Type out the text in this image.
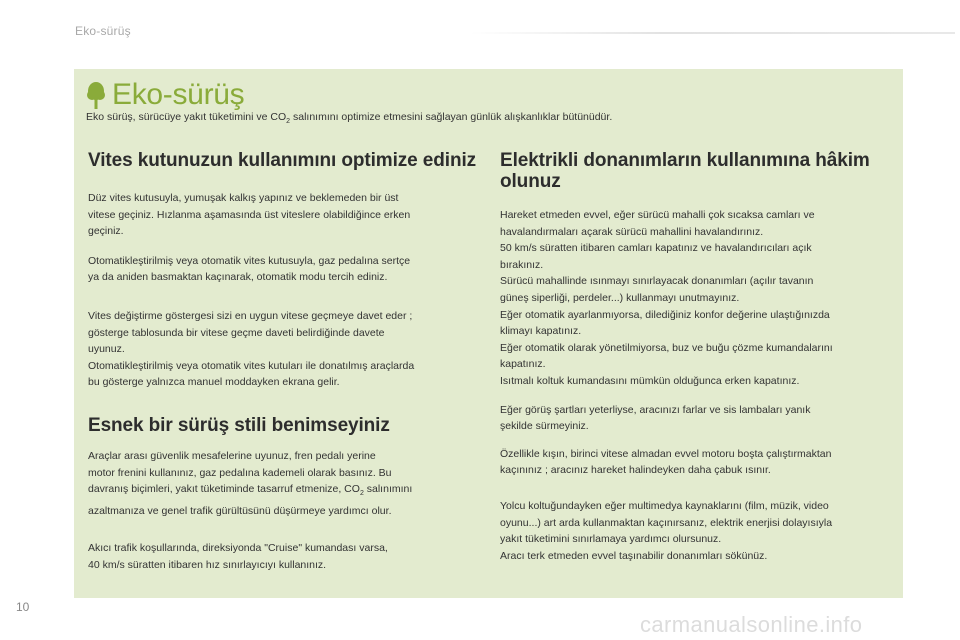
Eko-sürüş
Eko-sürüş
Eko sürüş, sürücüye yakıt tüketimini ve $CO_2$ salınımını optimize etmesini sağlayan günlük alışkanlıklar bütünüdür.
Vites kutunuzun kullanımını optimize ediniz

Düz vites kutusuyla, yumuşak kalkış yapınız ve beklemeden bir üst
vitese geçiniz. Hızlanma aşamasında üst viteslere olabildiğince erken
geçiniz.

Otomatikleştirilmiş veya otomatik vites kutusuyla, gaz pedalına sertçe
ya da aniden basmaktan kaçınarak, otomatik modu tercih ediniz.

Vites değiştirme göstergesi sizi en uygun vitese geçmeye davet eder ;
gösterge tablosunda bir vitese geçme daveti belirdiğinde davete
uyunuz.
Otomatikleştirilmiş veya otomatik vites kutuları ile donatılmış araçlarda
bu gösterge yalnızca manuel moddayken ekrana gelir.

Esnek bir sürüş stili benimseyiniz

Araçlar arası güvenlik mesafelerine uyunuz, fren pedalı yerine
motor frenini kullanınız, gaz pedalına kademeli olarak basınız. Bu
davranış biçimleri, yakıt tüketiminde tasarruf etmenize, $CO_2$ salınımını
azaltmanıza ve genel trafik gürültüsünü düşürmeye yardımcı olur.

Akıcı trafik koşullarında, direksiyonda "Cruise" kumandası varsa,
40 km/s süratten itibaren hız sınırlayıcıyı kullanınız.

Elektrikli donanımların kullanımına hâkim olunuz

Hareket etmeden evvel, eğer sürücü mahalli çok sıcaksa camları ve
havalandırmaları açarak sürücü mahallini havalandırınız.
50 km/s süratten itibaren camları kapatınız ve havalandırıcıları açık
bırakınız.
Sürücü mahallinde ısınmayı sınırlayacak donanımları (açılır tavanın
güneş siperliği, perdeler...) kullanmayı unutmayınız.
Eğer otomatik ayarlanmıyorsa, dilediğiniz konfor değerine ulaştığınızda
klimayı kapatınız.
Eğer otomatik olarak yönetilmiyorsa, buz ve buğu çözme kumandalarını
kapatınız.
Isıtmalı koltuk kumandasını mümkün olduğunca erken kapatınız.

Eğer görüş şartları yeterliyse, aracınızı farlar ve sis lambaları yanık
şekilde sürmeyiniz.

Özellikle kışın, birinci vitese almadan evvel motoru boşta çalıştırmaktan
kaçınınız ; aracınız hareket halindeyken daha çabuk ısınır.

Yolcu koltuğundayken eğer multimedya kaynaklarını (film, müzik, video
oyunu...) art arda kullanmaktan kaçınırsanız, elektrik enerjisi dolayısıyla
yakıt tüketimini sınırlamaya yardımcı olursunuz.
Aracı terk etmeden evvel taşınabilir donanımları sökünüz.

10
carmanualsonline.info
